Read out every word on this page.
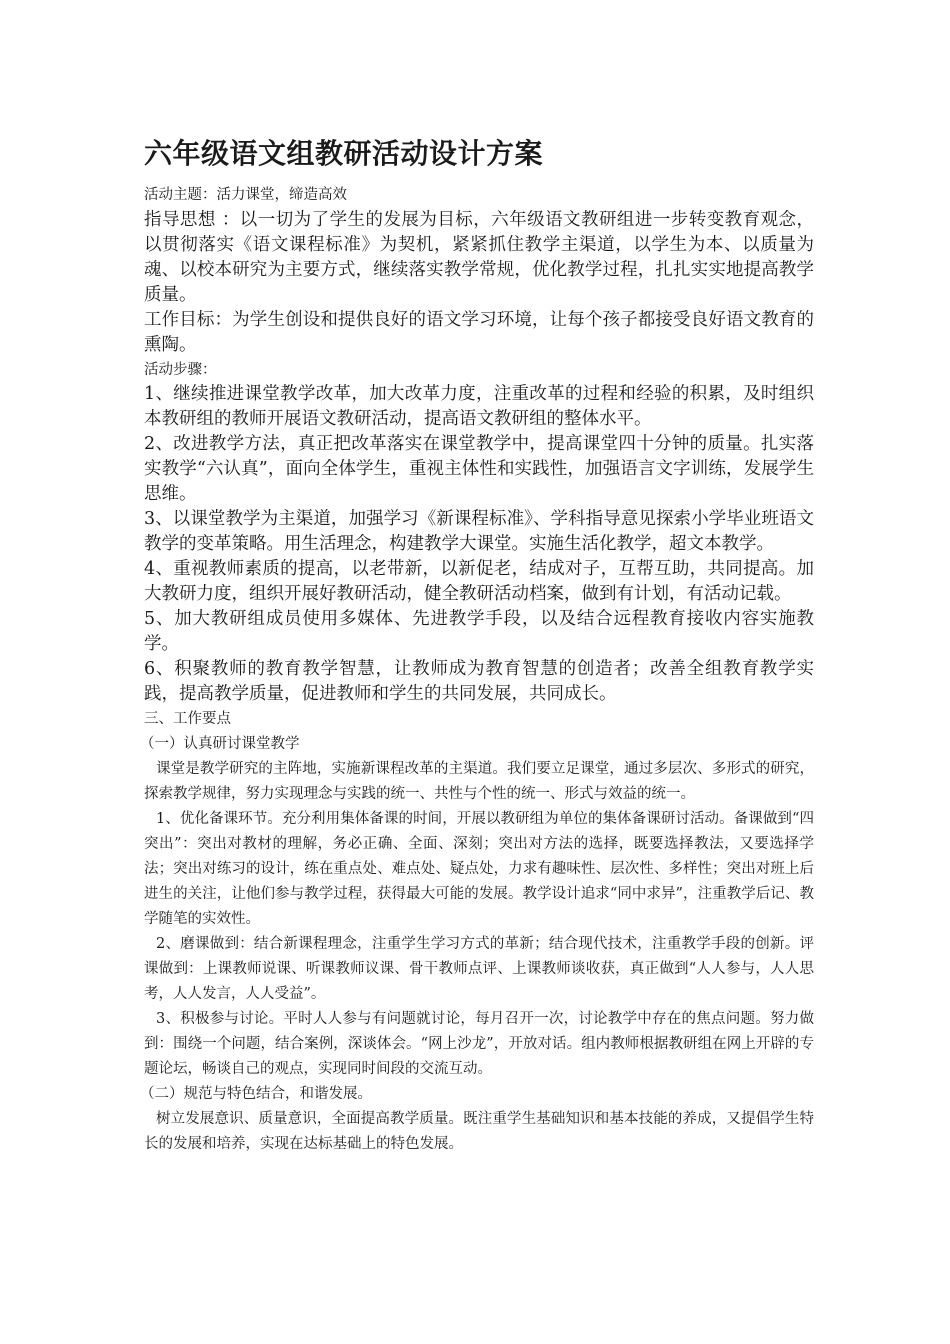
六年级语文组教研活动设计方案

活动主题：活力课堂，缔造高效

指导思想 ：以一切为了学生的发展为目标，六年级语文教研组进一步转变教育观念，以贯彻落实《语文课程标准》为契机，紧紧抓住教学主渠道，以学生为本、以质量为魂、以校本研究为主要方式，继续落实教学常规，优化教学过程，扎扎实实地提高教学质量。

工作目标：为学生创设和提供良好的语文学习环境，让每个孩子都接受良好语文教育的熏陶。

活动步骤：

1、继续推进课堂教学改革，加大改革力度，注重改革的过程和经验的积累，及时组织本教研组的教师开展语文教研活动，提高语文教研组的整体水平。

2、改进教学方法，真正把改革落实在课堂教学中，提高课堂四十分钟的质量。扎实落实教学“六认真”，面向全体学生，重视主体性和实践性，加强语言文字训练，发展学生思维。

3、以课堂教学为主渠道，加强学习《新课程标准》、学科指导意见探索小学毕业班语文教学的变革策略。用生活理念，构建教学大课堂。实施生活化教学，超文本教学。

4、重视教师素质的提高，以老带新，以新促老，结成对子，互帮互助，共同提高。加大教研力度，组织开展好教研活动，健全教研活动档案，做到有计划，有活动记载。

5、加大教研组成员使用多媒体、先进教学手段，以及结合远程教育接收内容实施教学。

6、积聚教师的教育教学智慧，让教师成为教育智慧的创造者；改善全组教育教学实践，提高教学质量，促进教师和学生的共同发展，共同成长。

三、工作要点

（一）认真研讨课堂教学

课堂是教学研究的主阵地，实施新课程改革的主渠道。我们要立足课堂，通过多层次、多形式的研究，探索教学规律，努力实现理念与实践的统一、共性与个性的统一、形式与效益的统一。

1、优化备课环节。充分利用集体备课的时间，开展以教研组为单位的集体备课研讨活动。备课做到“四突出”：突出对教材的理解，务必正确、全面、深刻；突出对方法的选择，既要选择教法，又要选择学法；突出对练习的设计，练在重点处、难点处、疑点处，力求有趣味性、层次性、多样性；突出对班上后进生的关注，让他们参与教学过程，获得最大可能的发展。教学设计追求“同中求异”，注重教学后记、教学随笔的实效性。

2、磨课做到：结合新课程理念，注重学生学习方式的革新；结合现代技术，注重教学手段的创新。评课做到：上课教师说课、听课教师议课、骨干教师点评、上课教师谈收获，真正做到“人人参与，人人思考，人人发言，人人受益”。

3、积极参与讨论。平时人人参与有问题就讨论，每月召开一次，讨论教学中存在的焦点问题。努力做到：围绕一个问题，结合案例，深谈体会。“网上沙龙”，开放对话。组内教师根据教研组在网上开辟的专题论坛，畅谈自己的观点，实现同时间段的交流互动。

（二）规范与特色结合，和谐发展。

树立发展意识、质量意识，全面提高教学质量。既注重学生基础知识和基本技能的养成，又提倡学生特长的发展和培养，实现在达标基础上的特色发展。
